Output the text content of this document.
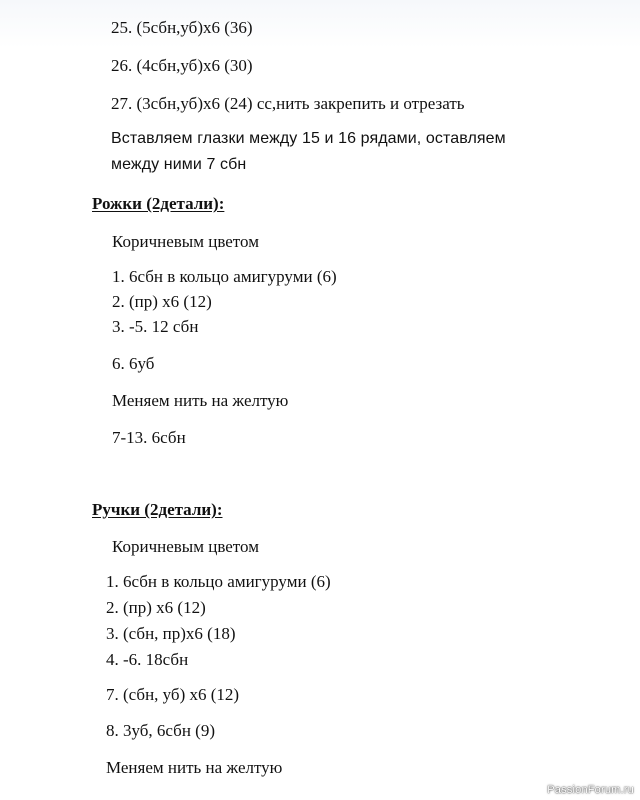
25. (5сбн,уб)х6 (36)
26. (4сбн,уб)х6 (30)
27. (3сбн,уб)х6 (24) сс,нить закрепить и отрезать
Вставляем глазки между 15 и 16 рядами, оставляем
между ними 7 сбн
Рожки (2детали):
Коричневым цветом
1. 6сбн в кольцо амигуруми (6)
2. (пр) х6 (12)
3. -5. 12 сбн
6. 6уб
Меняем нить на желтую
7-13. 6сбн
Ручки (2детали):
Коричневым цветом
1. 6сбн в кольцо амигуруми (6)
2. (пр) х6 (12)
3. (сбн, пр)х6 (18)
4. -6. 18сбн
7. (сбн, уб) х6 (12)
8. 3уб, 6сбн (9)
Меняем нить на желтую
PassionForum.ru
